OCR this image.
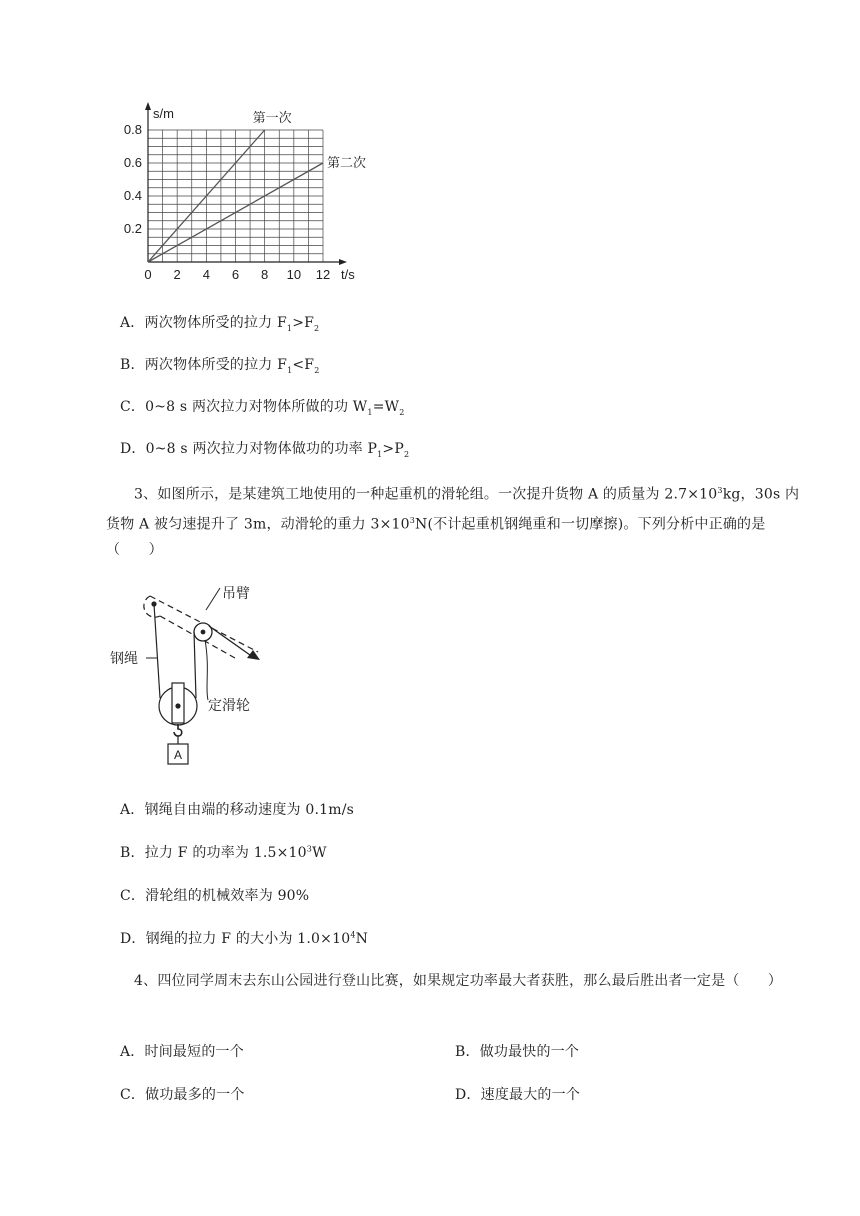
0 2 4 6 8 10 12
0.2
0.4
0.6
0.8
t/s
s/m	第一次
第二次
A．两次物体所受的拉力 $F_1>F_2$
B．两次物体所受的拉力 $F_1<F_2$
C．0~8 s 两次拉力对物体所做的功 $W_1=W_2$
D．0~8 s 两次拉力对物体做功的功率 $P_1>P_2$
3、如图所示，是某建筑工地使用的一种起重机的滑轮组。一次提升货物 A 的质量为 $2.7\times 10^3kg$，30s 内货物 A 被匀速提升了 3m，动滑轮的重力 $3\times 10^3N$(不计起重机钢绳重和一切摩擦)。下列分析中正确的是（　　）
吊臂
定滑轮
钢绳
A
A．钢绳自由端的移动速度为 0.1m/s
B．拉力 F 的功率为 $1.5\times 10^3W$
C．滑轮组的机械效率为 90%
D．钢绳的拉力 F 的大小为 $1.0\times 10^4N$
4、四位同学周末去东山公园进行登山比赛，如果规定功率最大者获胜，那么最后胜出者一定是（　　）
A．时间最短的一个	B．做功最快的一个
C．做功最多的一个	D．速度最大的一个
